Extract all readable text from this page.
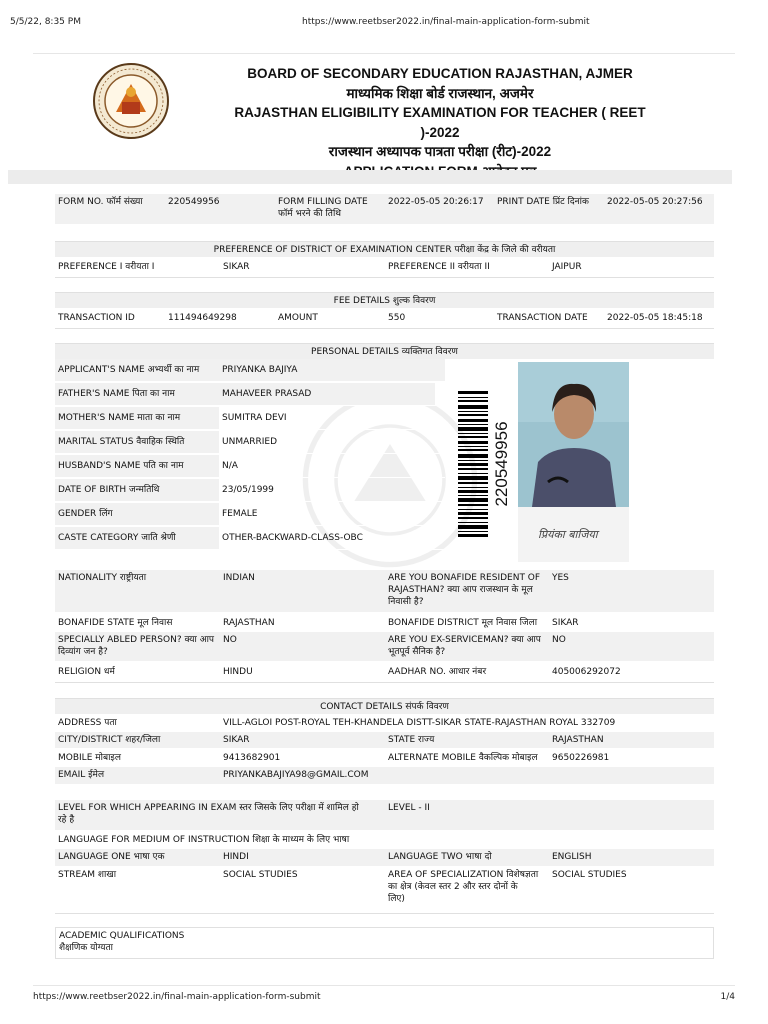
5/5/22, 8:35 PM	https://www.reetbser2022.in/final-main-application-form-submit
BOARD OF SECONDARY EDUCATION RAJASTHAN, AJMER
माध्यमिक शिक्षा बोर्ड राजस्थान, अजमेर
RAJASTHAN ELIGIBILITY EXAMINATION FOR TEACHER ( REET )-2022
राजस्थान अध्यापक पात्रता परीक्षा (रीट)-2022
FORM NO. फॉर्म संख्या	220549956	FORM FILLING DATE
फॉर्म भरने की तिथि
2022-05-05 20:26:17	PRINT DATE प्रिंट दिनांक	2022-05-05 20:27:56
PREFERENCE OF DISTRICT OF EXAMINATION CENTER परीक्षा केंद्र के जिले की वरीयता
PREFERENCE I वरीयता I	SIKAR	PREFERENCE II वरीयता II	JAIPUR
FEE DETAILS शुल्क विवरण
TRANSACTION ID	111494649298	AMOUNT	550	TRANSACTION DATE	2022-05-05 18:45:18
PERSONAL DETAILS व्यक्तिगत विवरण
APPLICANT'S NAME अभ्यर्थी का नाम	PRIYANKA BAJIYA
FATHER'S NAME पिता का नाम	MAHAVEER PRASAD
MOTHER'S NAME माता का नाम	SUMITRA DEVI
MARITAL STATUS वैवाहिक स्थिति	UNMARRIED
HUSBAND'S NAME पति का नाम	N/A
DATE OF BIRTH जन्मतिथि	23/05/1999
GENDER लिंग	FEMALE
CASTE CATEGORY जाति श्रेणी	OTHER-BACKWARD-CLASS-OBC
220549956
प्रियंका बाजिया
NATIONALITY राष्ट्रीयता	INDIAN	ARE YOU BONAFIDE RESIDENT OF
RAJASTHAN? क्या आप राजस्थान के मूल
निवासी है?
YES
BONAFIDE STATE मूल निवास	RAJASTHAN	BONAFIDE DISTRICT मूल निवास जिला	SIKAR
SPECIALLY ABLED PERSON? क्या आप
दिव्यांग जन है?
NO	ARE YOU EX-SERVICEMAN? क्या आप
भूतपूर्व सैनिक है?
NO
RELIGION धर्म	HINDU	AADHAR NO. आधार नंबर	405006292072
CONTACT DETAILS संपर्क विवरण
ADDRESS पता	VILL-AGLOI POST-ROYAL TEH-KHANDELA DISTT-SIKAR STATE-RAJASTHAN ROYAL 332709
CITY/DISTRICT शहर/जिला	SIKAR	STATE राज्य	RAJASTHAN
MOBILE मोबाइल	9413682901	ALTERNATE MOBILE वैकल्पिक मोबाइल	9650226981
EMAIL ईमेल	PRIYANKABAJIYA98@GMAIL.COM
LEVEL FOR WHICH APPEARING IN EXAM स्तर जिसके लिए परीक्षा में शामिल हो
रहे है
LEVEL - II
LANGUAGE FOR MEDIUM OF INSTRUCTION शिक्षा के माध्यम के लिए भाषा
LANGUAGE ONE भाषा एक	HINDI	LANGUAGE TWO भाषा दो	ENGLISH
STREAM शाखा	SOCIAL STUDIES	AREA OF SPECIALIZATION विशेषज्ञता
का क्षेत्र (केवल स्तर 2 और स्तर दोनों के
लिए)
SOCIAL STUDIES
ACADEMIC QUALIFICATIONS
शैक्षणिक योग्यता
https://www.reetbser2022.in/final-main-application-form-submit	1/4
